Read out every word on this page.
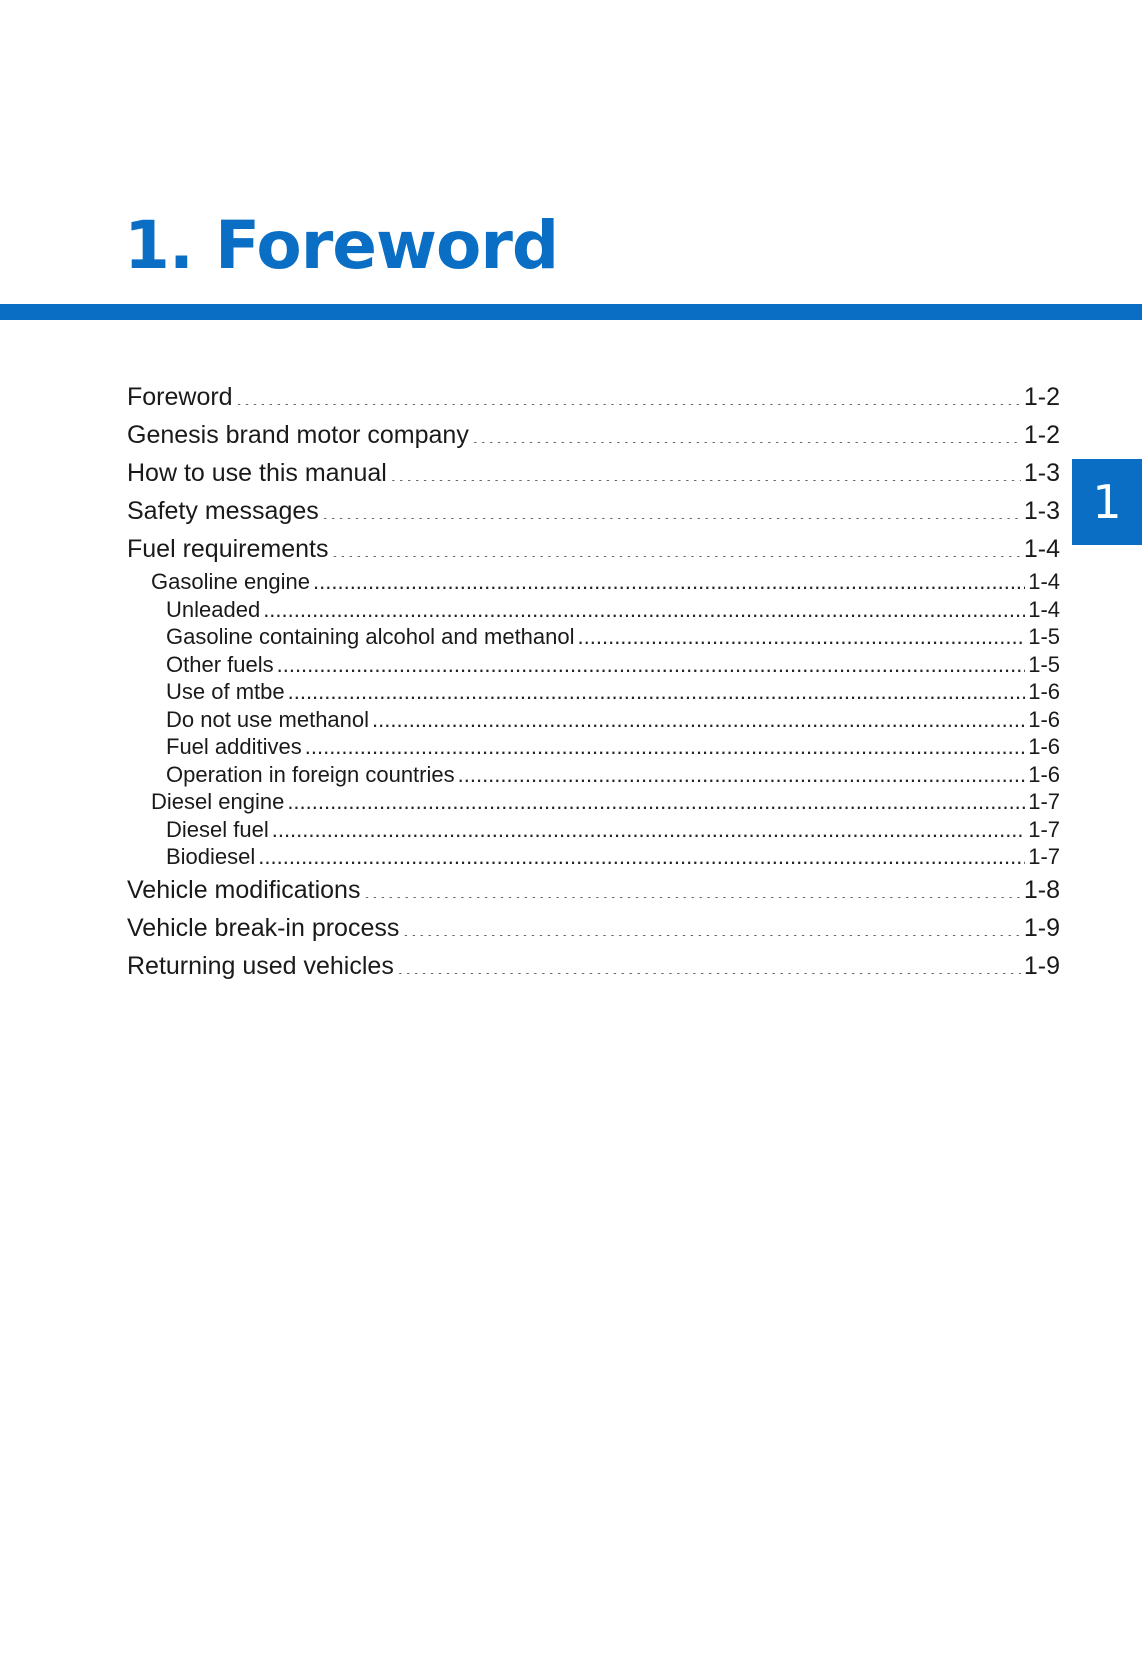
1. Foreword
1
Foreword .....	1-2
Genesis brand motor company .....	1-2
How to use this manual .....	1-3
Safety messages .....	1-3
Fuel requirements .....	1-4
Gasoline engine .....	1-4
Unleaded .....	1-4
Gasoline containing alcohol and methanol .....	1-5
Other fuels .....	1-5
Use of mtbe .....	1-6
Do not use methanol .....	1-6
Fuel additives .....	1-6
Operation in foreign countries .....	1-6
Diesel engine .....	1-7
Diesel fuel .....	1-7
Biodiesel .....	1-7
Vehicle modifications .....	1-8
Vehicle break-in process .....	1-9
Returning used vehicles .....	1-9
